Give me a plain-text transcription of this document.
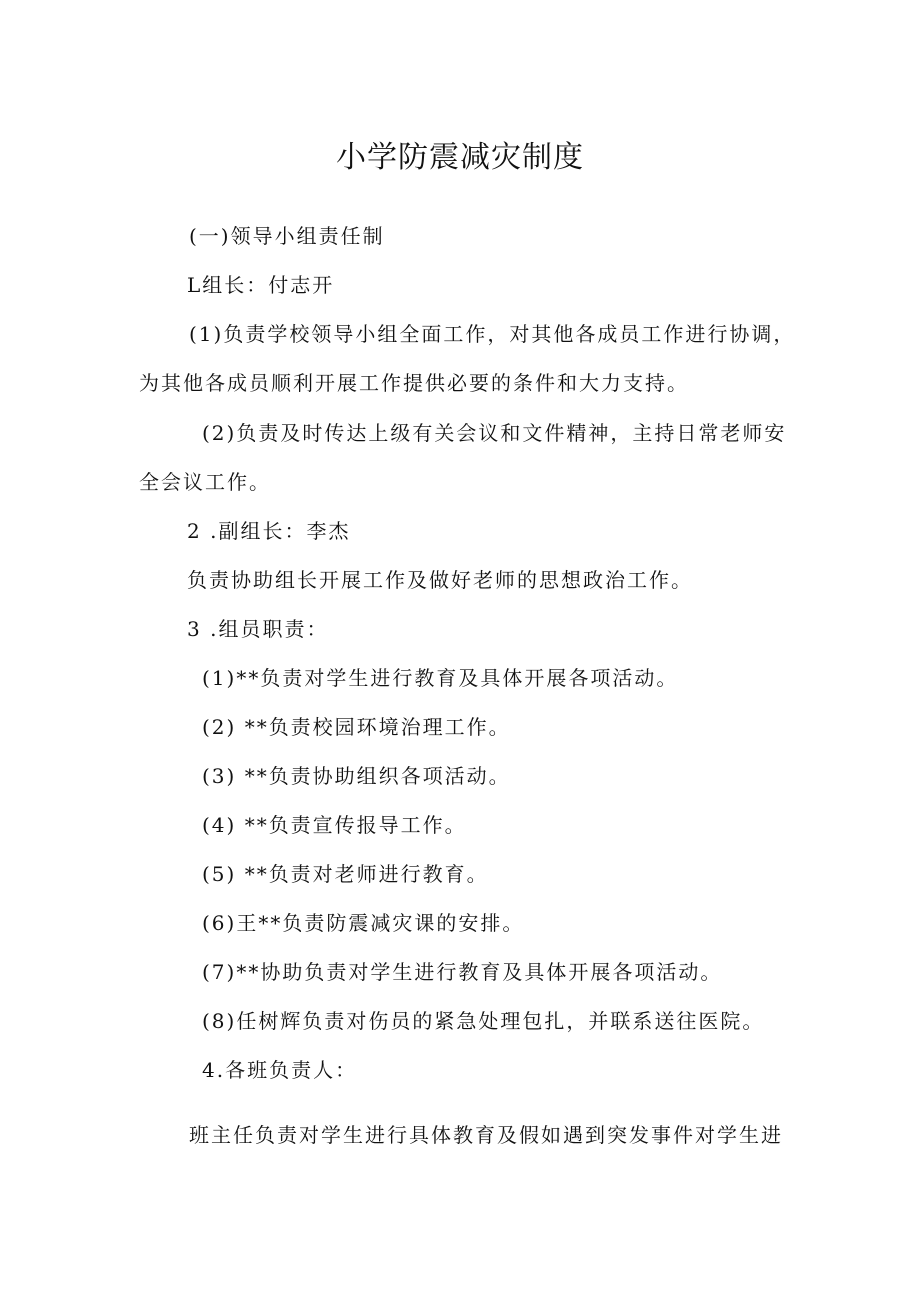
小学防震减灾制度
(一)领导小组责任制
L组长：付志开
(1)负责学校领导小组全面工作，对其他各成员工作进行协调，
为其他各成员顺利开展工作提供必要的条件和大力支持。
(2)负责及时传达上级有关会议和文件精神，主持日常老师安
全会议工作。
2 .副组长：李杰
负责协助组长开展工作及做好老师的思想政治工作。
3 .组员职责：
(1)**负责对学生进行教育及具体开展各项活动。
(2) **负责校园环境治理工作。
(3) **负责协助组织各项活动。
(4) **负责宣传报导工作。
(5) **负责对老师进行教育。
(6)王**负责防震减灾课的安排。
(7)**协助负责对学生进行教育及具体开展各项活动。
(8)任树辉负责对伤员的紧急处理包扎，并联系送往医院。
4.各班负责人：
班主任负责对学生进行具体教育及假如遇到突发事件对学生进
